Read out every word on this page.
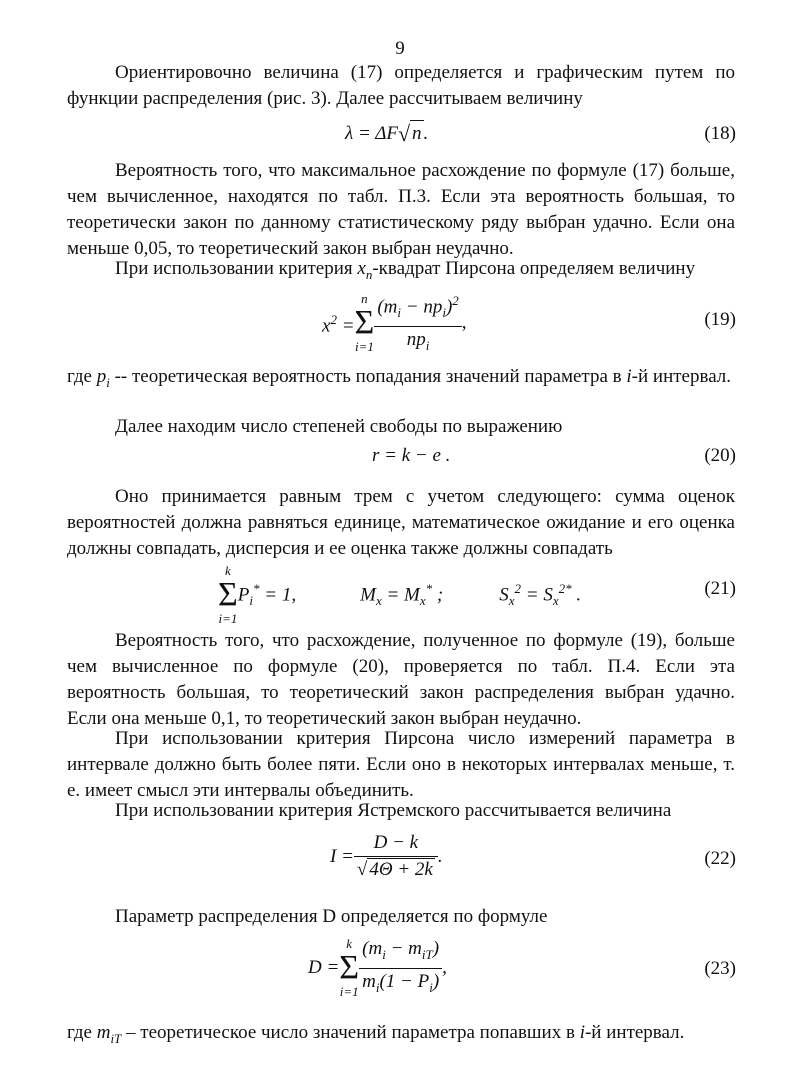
9
Ориентировочно величина (17) определяется и графическим путем по функции распределения (рис. 3). Далее рассчитываем величину
λ = ΔF √ n .	(18)
Вероятность того, что максимальное расхождение по формуле (17) больше, чем вычисленное, находятся по табл. П.3. Если эта вероятность большая, то теоретически закон по данному статистическому ряду выбран удачно. Если она меньше 0,05, то теоретический закон выбран неудачно.
При использовании критерия $x_п$-квадрат Пирсона определяем величину
$x^2$ =
n
Σ
$i=1 \frac{(m_i - np_i)^2}{np_i}$ ,	(19)
где $p_i$ -- теоретическая вероятность попадания значений параметра в i-й интервал.
Далее находим число степеней свободы по выражению
r = k − e .	(20)
Оно принимается равным трем с учетом следующего: сумма оценок вероятностей должна равняться единице, математическое ожидание и его оценка должны совпадать, дисперсия и ее оценка также должны совпадать
k
Σ
i=1
$P_i^* = 1$,	$M_x = M_x^*$ ;	$S_x^2 = S_x^{2*}$ .	(21)
Вероятность того, что расхождение, полученное по формуле (19), больше чем вычисленное по формуле (20), проверяется по табл. П.4. Если эта вероятность большая, то теоретический закон распределения выбран удачно. Если она меньше 0,1, то теоретический закон выбран неудачно.
При использовании критерия Пирсона число измерений параметра в интервале должно быть более пяти. Если оно в некоторых интервалах меньше, т. е. имеет смысл эти интервалы объединить.
При использовании критерия Ястремского рассчитывается величина
$I = \frac{D - k}{√ 4\Theta + 2k}$ .	(22)
Параметр распределения D определяется по формуле
D =
k
Σ
$i=1 \frac{(m_i - m_{iT})}{m_i(1 - P_i)}$ ,	(23)
где $m_{iT}$ – теоретическое число значений параметра попавших в i-й интервал.
